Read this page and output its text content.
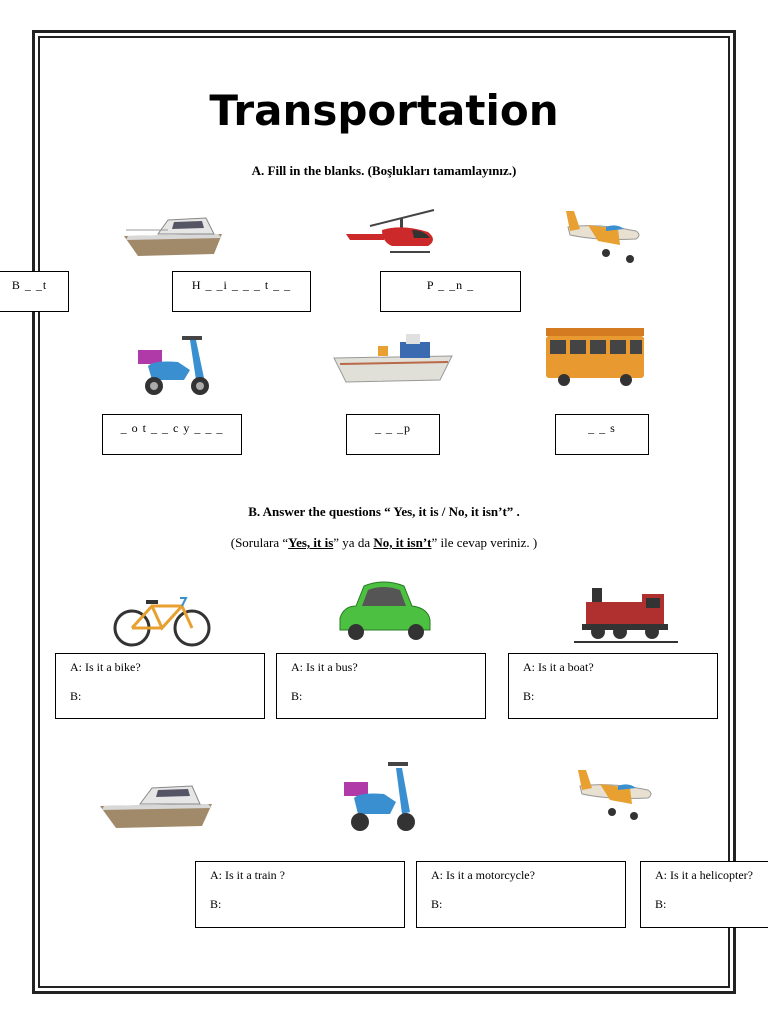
Transportation
A. Fill in the blanks. (Boşlukları tamamlayınız.)
B _ _t	H _ _i _ _ _ t _ _	P _ _n _
_ o t _ _ c y _ _ _	_ _ _p	_ _ s
B. Answer the questions “ Yes, it is / No, it isn’t” .
(Sorulara “Yes, it is” ya da No, it isn’t” ile cevap veriniz. )
A: Is it a bike?
B:
A: Is it a bus?
B:
A: Is it a boat?
B:
A: Is it a train ?
B:
A: Is it a motorcycle?
B:
A: Is it a helicopter?
B:
